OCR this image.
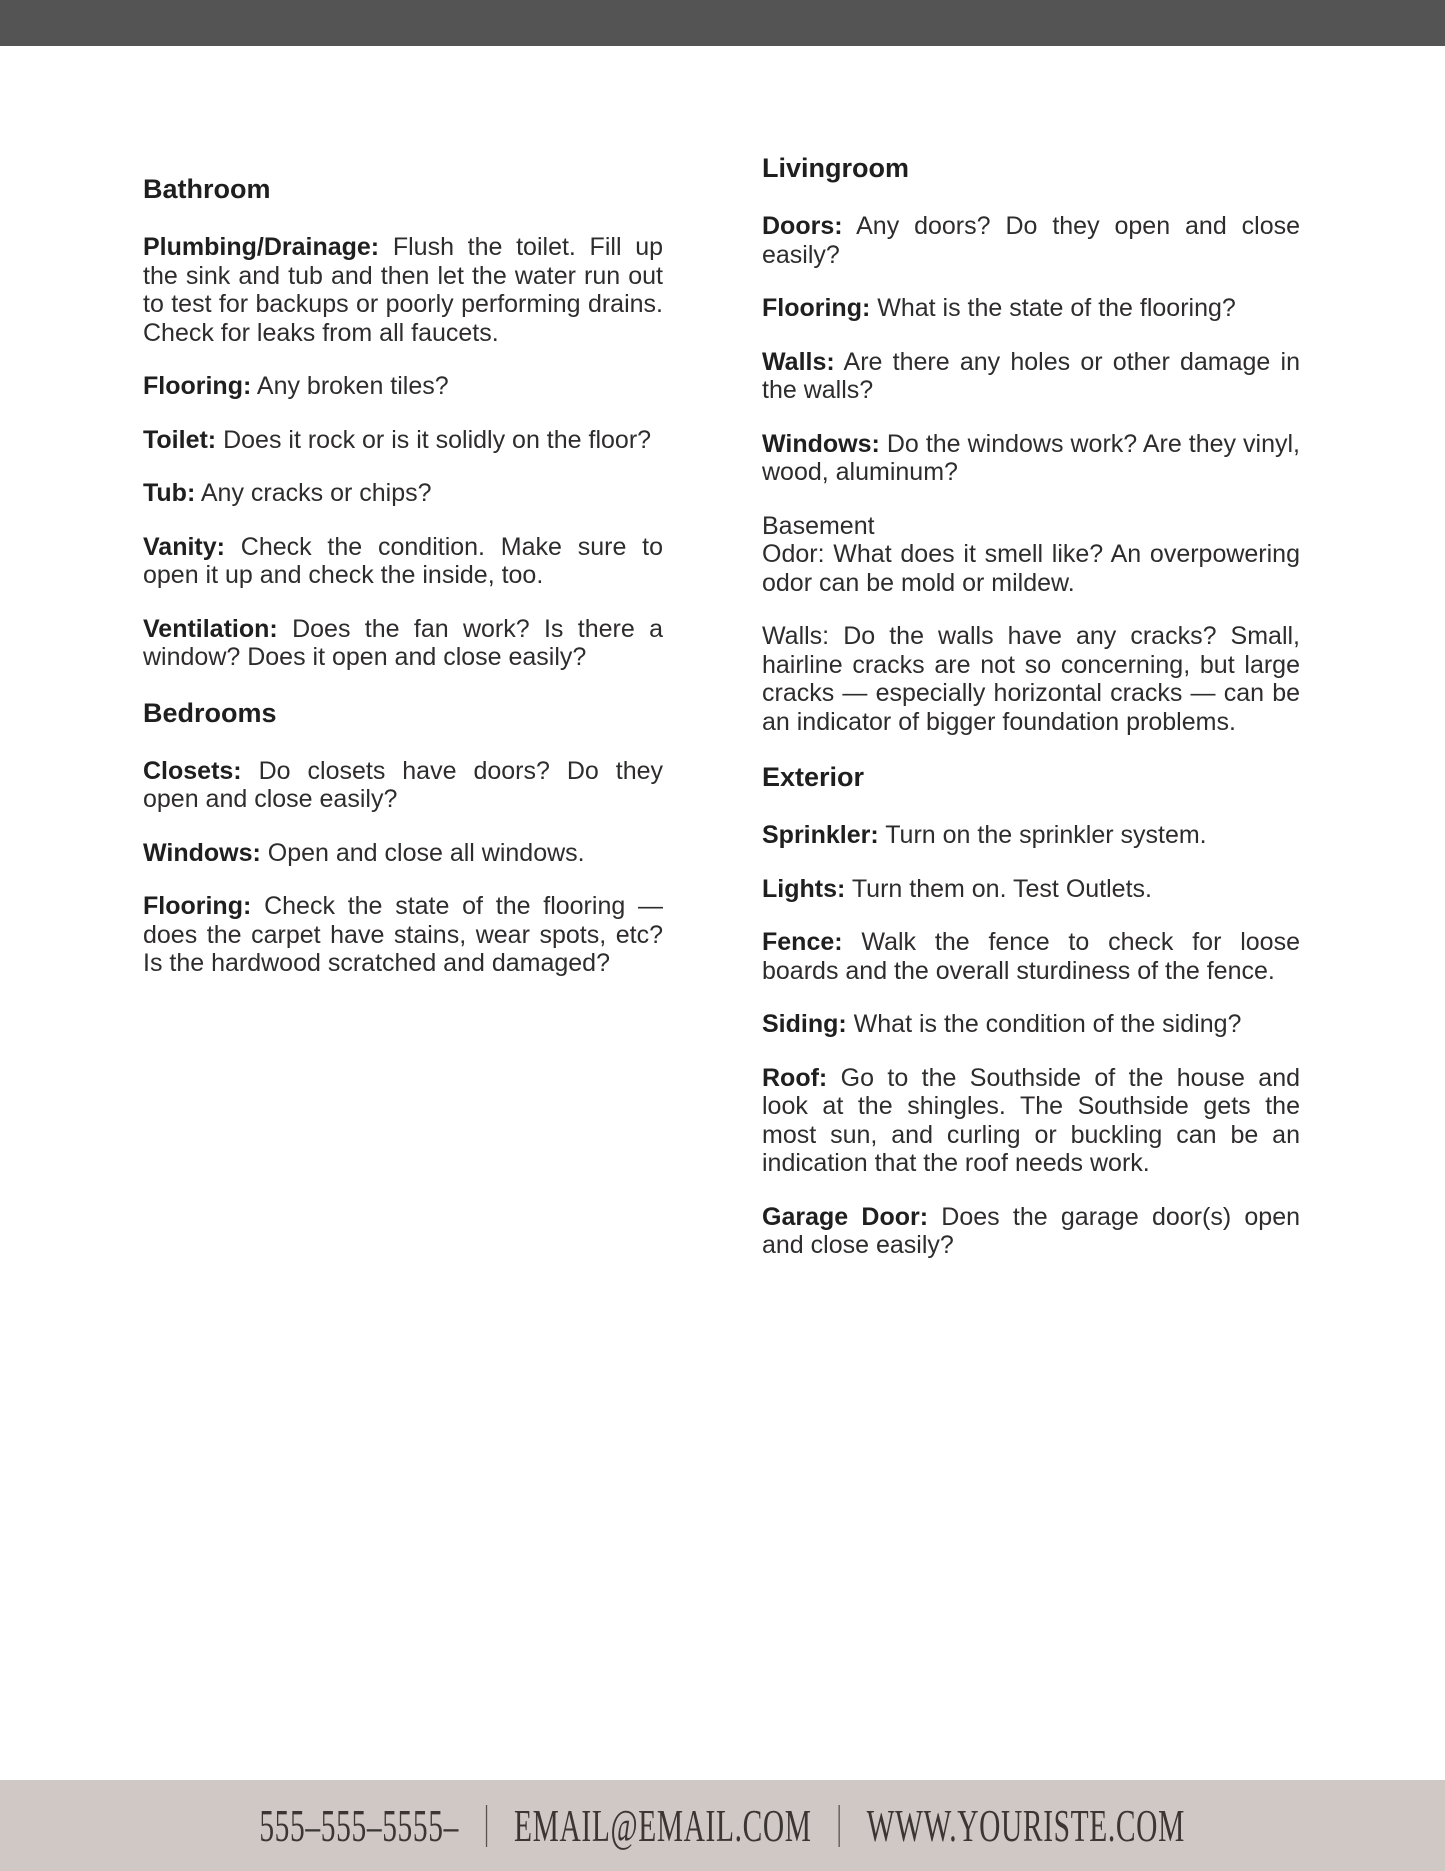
Bathroom

Plumbing/Drainage: Flush the toilet. Fill up the sink and tub and then let the water run out to test for backups or poorly performing drains. Check for leaks from all faucets.

Flooring: Any broken tiles?

Toilet: Does it rock or is it solidly on the floor?

Tub: Any cracks or chips?

Vanity: Check the condition. Make sure to open it up and check the inside, too.

Ventilation: Does the fan work? Is there a window? Does it open and close easily?

Bedrooms

Closets: Do closets have doors? Do they open and close easily?

Windows: Open and close all windows.

Flooring: Check the state of the flooring — does the carpet have stains, wear spots, etc? Is the hardwood scratched and damaged?

Livingroom

Doors: Any doors? Do they open and close easily?

Flooring: What is the state of the flooring?

Walls: Are there any holes or other damage in the walls?

Windows: Do the windows work? Are they vinyl, wood, aluminum?

Basement
Odor: What does it smell like? An overpowering odor can be mold or mildew.

Walls: Do the walls have any cracks? Small, hairline cracks are not so concerning, but large cracks — especially horizontal cracks — can be an indicator of bigger foundation problems.

Exterior

Sprinkler: Turn on the sprinkler system.

Lights: Turn them on. Test Outlets.

Fence: Walk the fence to check for loose boards and the overall sturdiness of the fence.

Siding: What is the condition of the siding?

Roof: Go to the Southside of the house and look at the shingles. The Southside gets the most sun, and curling or buckling can be an indication that the roof needs work.

Garage Door: Does the garage door(s) open and close easily?

555–555–5555– EMAIL@EMAIL.COM WWW.YOURISTE.COM
